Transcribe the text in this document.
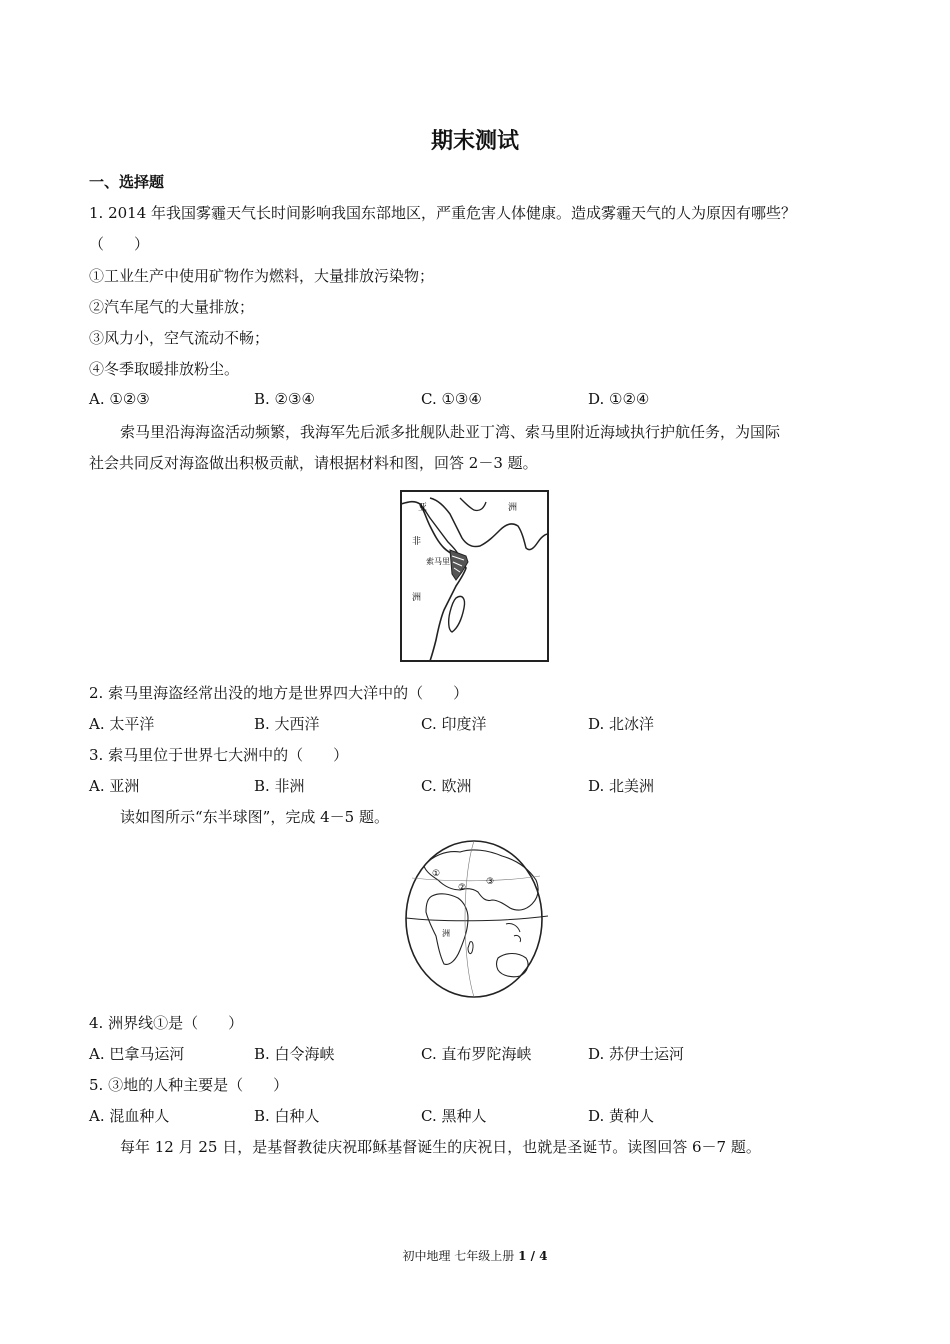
期末测试
一、选择题
1. 2014 年我国雾霾天气长时间影响我国东部地区，严重危害人体健康。造成雾霾天气的人为原因有哪些？
（　　）
①工业生产中使用矿物作为燃料，大量排放污染物；
②汽车尾气的大量排放；
③风力小，空气流动不畅；
④冬季取暖排放粉尘。
A. ①②③	B. ②③④	C. ①③④	D. ①②④
索马里沿海海盗活动频繁，我海军先后派多批舰队赴亚丁湾、索马里附近海域执行护航任务，为国际
社会共同反对海盗做出积极贡献，请根据材料和图，回答 2－3 题。
非
亚	洲
索马里
洲
2. 索马里海盗经常出没的地方是世界四大洋中的（　　）
A. 太平洋	B. 大西洋	C. 印度洋	D. 北冰洋
3. 索马里位于世界七大洲中的（　　）
A. 亚洲	B. 非洲	C. 欧洲	D. 北美洲
读如图所示“东半球图”，完成 4－5 题。
①
②
③
洲
4. 洲界线①是（　　）
A. 巴拿马运河	B. 白令海峡	C. 直布罗陀海峡	D. 苏伊士运河
5. ③地的人种主要是（　　）
A. 混血种人	B. 白种人	C. 黑种人	D. 黄种人
每年 12 月 25 日，是基督教徒庆祝耶稣基督诞生的庆祝日，也就是圣诞节。读图回答 6－7 题。
初中地理 七年级上册 1 / 4
